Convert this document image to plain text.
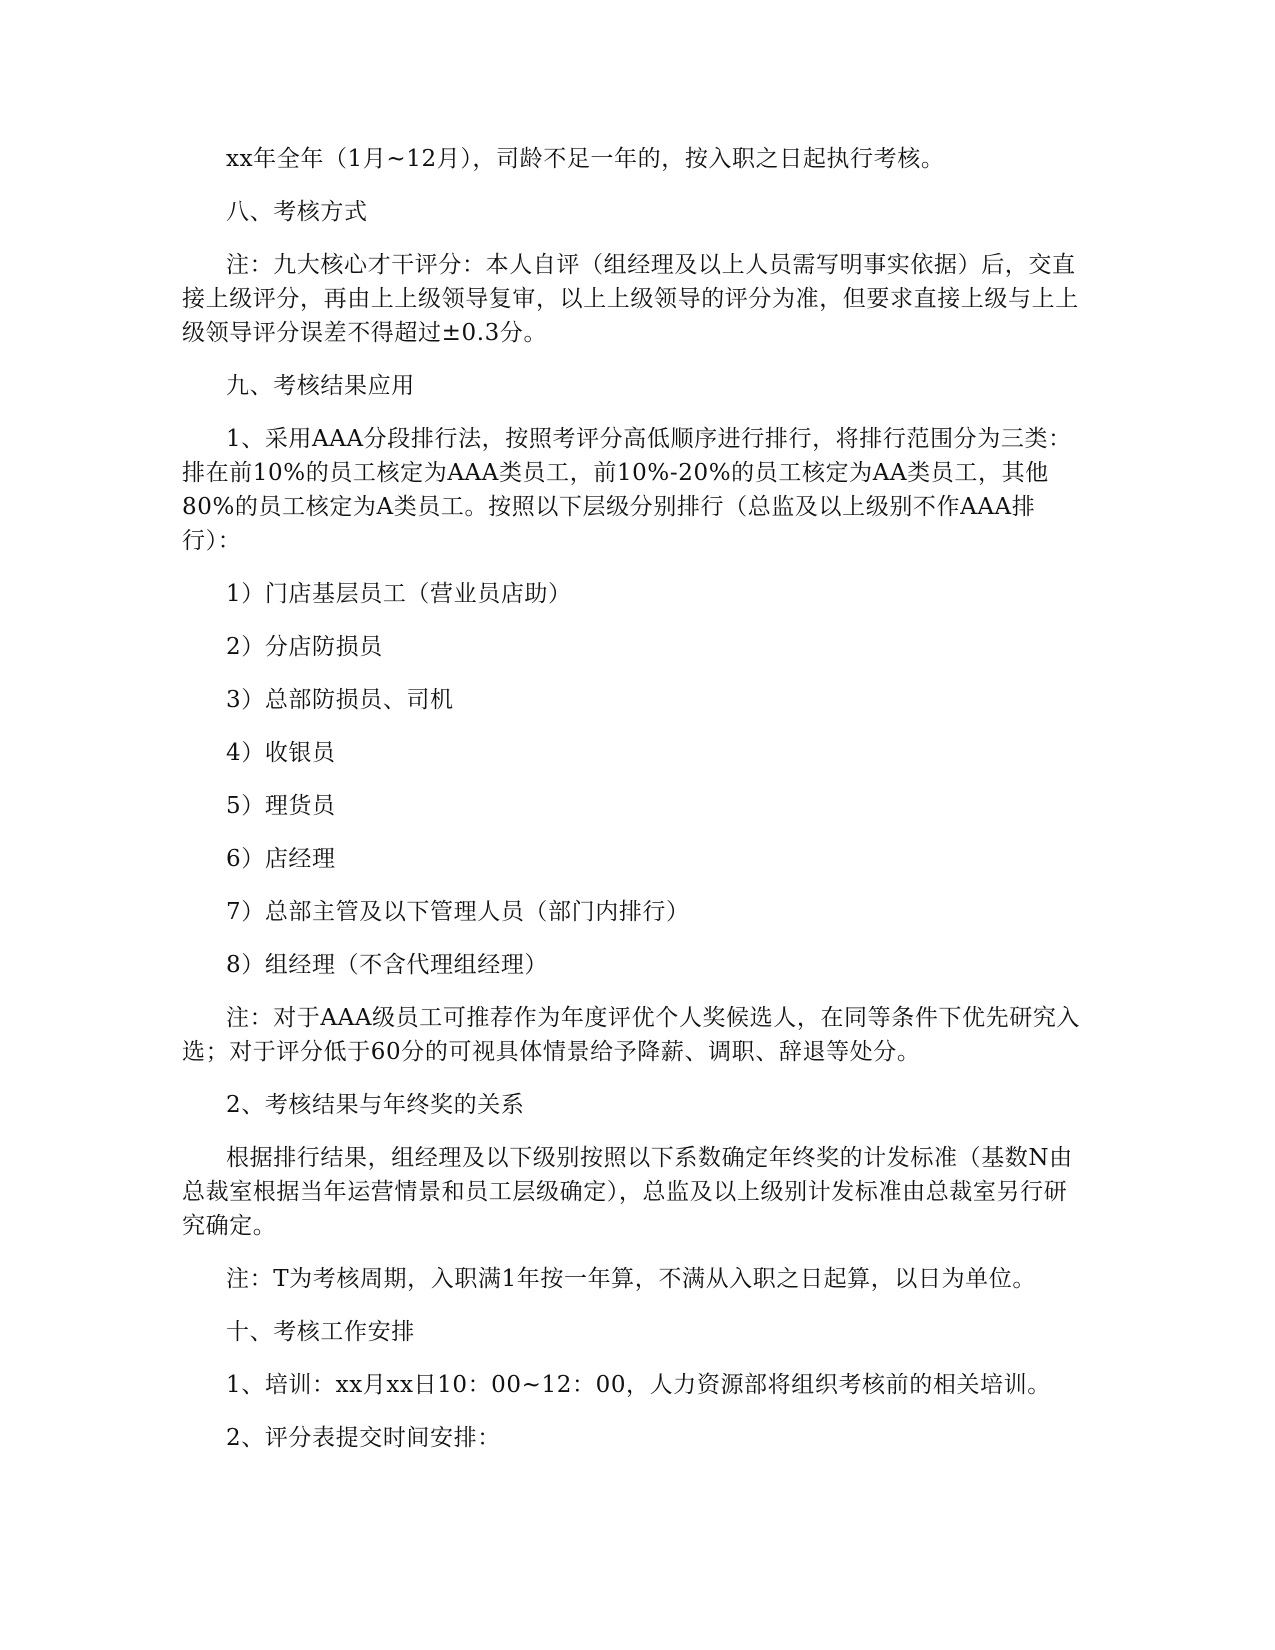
xx年全年（1月~12月），司龄不足一年的，按入职之日起执行考核。

八、考核方式

注：九大核心才干评分：本人自评（组经理及以上人员需写明事实依据）后，交直接上级评分，再由上上级领导复审，以上上级领导的评分为准，但要求直接上级与上上级领导评分误差不得超过±0.3分。

九、考核结果应用

1、采用AAA分段排行法，按照考评分高低顺序进行排行，将排行范围分为三类：排在前10%的员工核定为AAA类员工，前10%-20%的员工核定为AA类员工，其他80%的员工核定为A类员工。按照以下层级分别排行（总监及以上级别不作AAA排行）：

1）门店基层员工（营业员店助）

2）分店防损员

3）总部防损员、司机

4）收银员

5）理货员

6）店经理

7）总部主管及以下管理人员（部门内排行）

8）组经理（不含代理组经理）

注：对于AAA级员工可推荐作为年度评优个人奖候选人，在同等条件下优先研究入选；对于评分低于60分的可视具体情景给予降薪、调职、辞退等处分。

2、考核结果与年终奖的关系

根据排行结果，组经理及以下级别按照以下系数确定年终奖的计发标准（基数N由总裁室根据当年运营情景和员工层级确定），总监及以上级别计发标准由总裁室另行研究确定。

注：T为考核周期，入职满1年按一年算，不满从入职之日起算，以日为单位。

十、考核工作安排

1、培训：xx月xx日10：00~12：00，人力资源部将组织考核前的相关培训。

2、评分表提交时间安排：
